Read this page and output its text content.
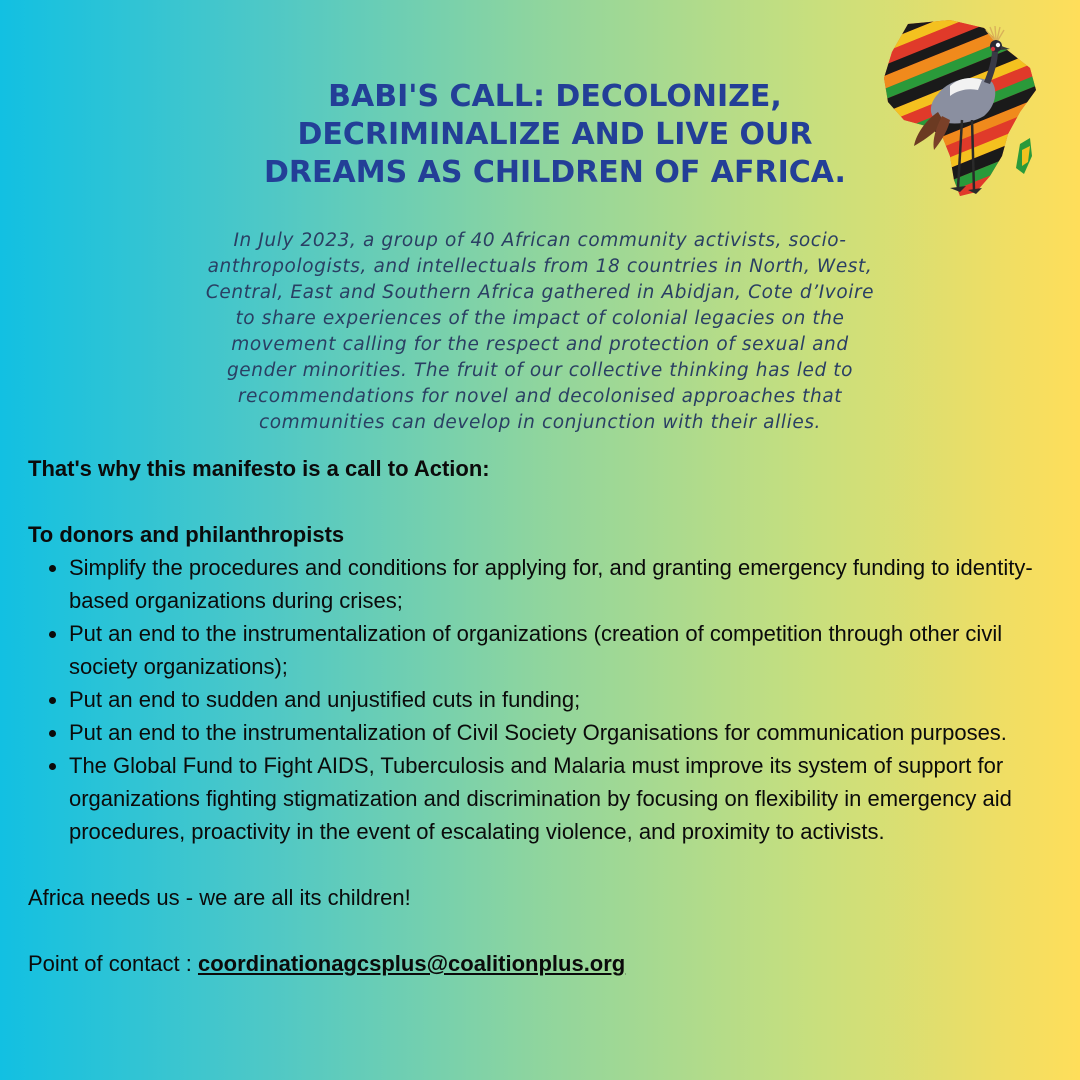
BABI'S CALL: DECOLONIZE,
DECRIMINALIZE AND LIVE OUR
DREAMS AS CHILDREN OF AFRICA.

In July 2023, a group of 40 African community activists, socio-
anthropologists, and intellectuals from 18 countries in North, West,
Central, East and Southern Africa gathered in Abidjan, Cote d’Ivoire
to share experiences of the impact of colonial legacies on the
movement calling for the respect and protection of sexual and
gender minorities. The fruit of our collective thinking has led to
recommendations for novel and decolonised approaches that
communities can develop in conjunction with their allies.

That's why this manifesto is a call to Action:

To donors and philanthropists

• Simplify the procedures and conditions for applying for, and granting emergency funding to identity-based organizations during crises;
• Put an end to the instrumentalization of organizations (creation of competition through other civil society organizations);
• Put an end to sudden and unjustified cuts in funding;
• Put an end to the instrumentalization of Civil Society Organisations for communication purposes.
• The Global Fund to Fight AIDS, Tuberculosis and Malaria must improve its system of support for organizations fighting stigmatization and discrimination by focusing on flexibility in emergency aid procedures, proactivity in the event of escalating violence, and proximity to activists.

Africa needs us - we are all its children!

Point of contact : coordinationagcsplus@coalitionplus.org
